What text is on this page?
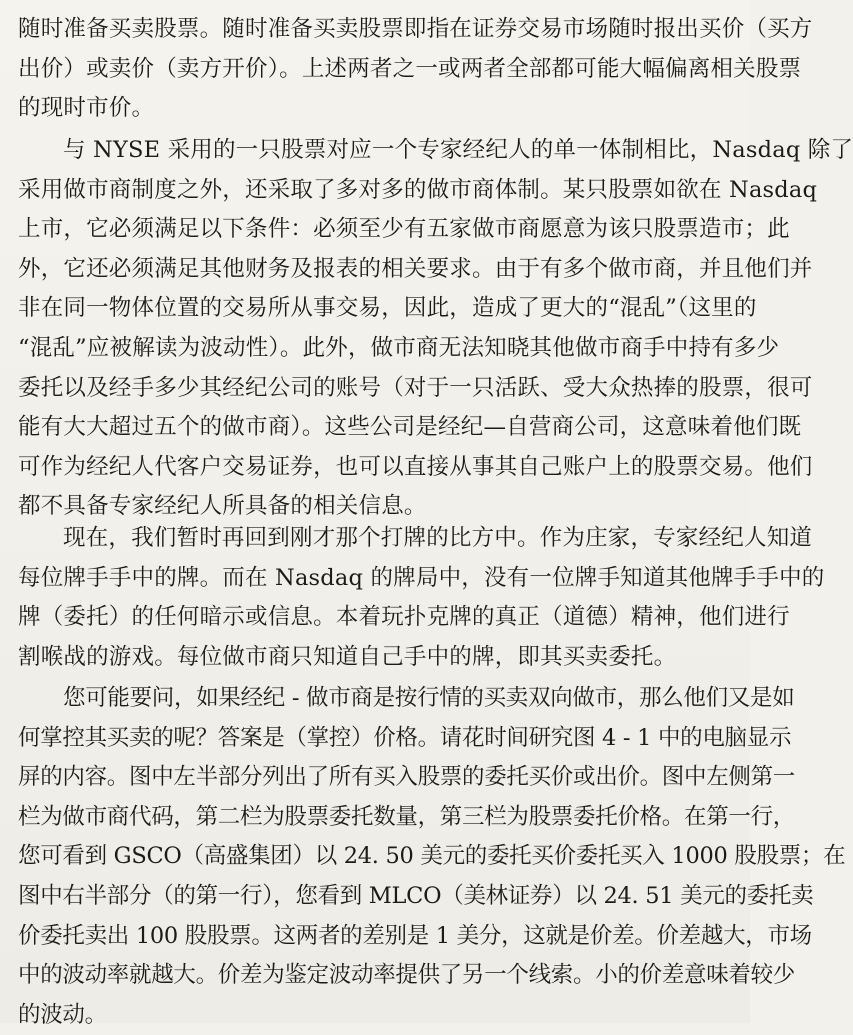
随时准备买卖股票。随时准备买卖股票即指在证券交易市场随时报出买价（买方
出价）或卖价（卖方开价）。上述两者之一或两者全部都可能大幅偏离相关股票
的现时市价。
与 NYSE 采用的一只股票对应一个专家经纪人的单一体制相比，Nasdaq 除了
采用做市商制度之外，还采取了多对多的做市商体制。某只股票如欲在 Nasdaq
上市，它必须满足以下条件：必须至少有五家做市商愿意为该只股票造市；此
外，它还必须满足其他财务及报表的相关要求。由于有多个做市商，并且他们并
非在同一物体位置的交易所从事交易，因此，造成了更大的“混乱”（这里的
“混乱”应被解读为波动性）。此外，做市商无法知晓其他做市商手中持有多少
委托以及经手多少其经纪公司的账号（对于一只活跃、受大众热捧的股票，很可
能有大大超过五个的做市商）。这些公司是经纪—自营商公司，这意味着他们既
可作为经纪人代客户交易证券，也可以直接从事其自己账户上的股票交易。他们
都不具备专家经纪人所具备的相关信息。
现在，我们暂时再回到刚才那个打牌的比方中。作为庄家，专家经纪人知道
每位牌手手中的牌。而在 Nasdaq 的牌局中，没有一位牌手知道其他牌手手中的
牌（委托）的任何暗示或信息。本着玩扑克牌的真正（道德）精神，他们进行
割喉战的游戏。每位做市商只知道自己手中的牌，即其买卖委托。
您可能要问，如果经纪 - 做市商是按行情的买卖双向做市，那么他们又是如
何掌控其买卖的呢？答案是（掌控）价格。请花时间研究图 4 - 1 中的电脑显示
屏的内容。图中左半部分列出了所有买入股票的委托买价或出价。图中左侧第一
栏为做市商代码，第二栏为股票委托数量，第三栏为股票委托价格。在第一行，
您可看到 GSCO（高盛集团）以 24. 50 美元的委托买价委托买入 1000 股股票；在
图中右半部分（的第一行），您看到 MLCO（美林证券）以 24. 51 美元的委托卖
价委托卖出 100 股股票。这两者的差别是 1 美分，这就是价差。价差越大，市场
中的波动率就越大。价差为鉴定波动率提供了另一个线索。小的价差意味着较少
的波动。
